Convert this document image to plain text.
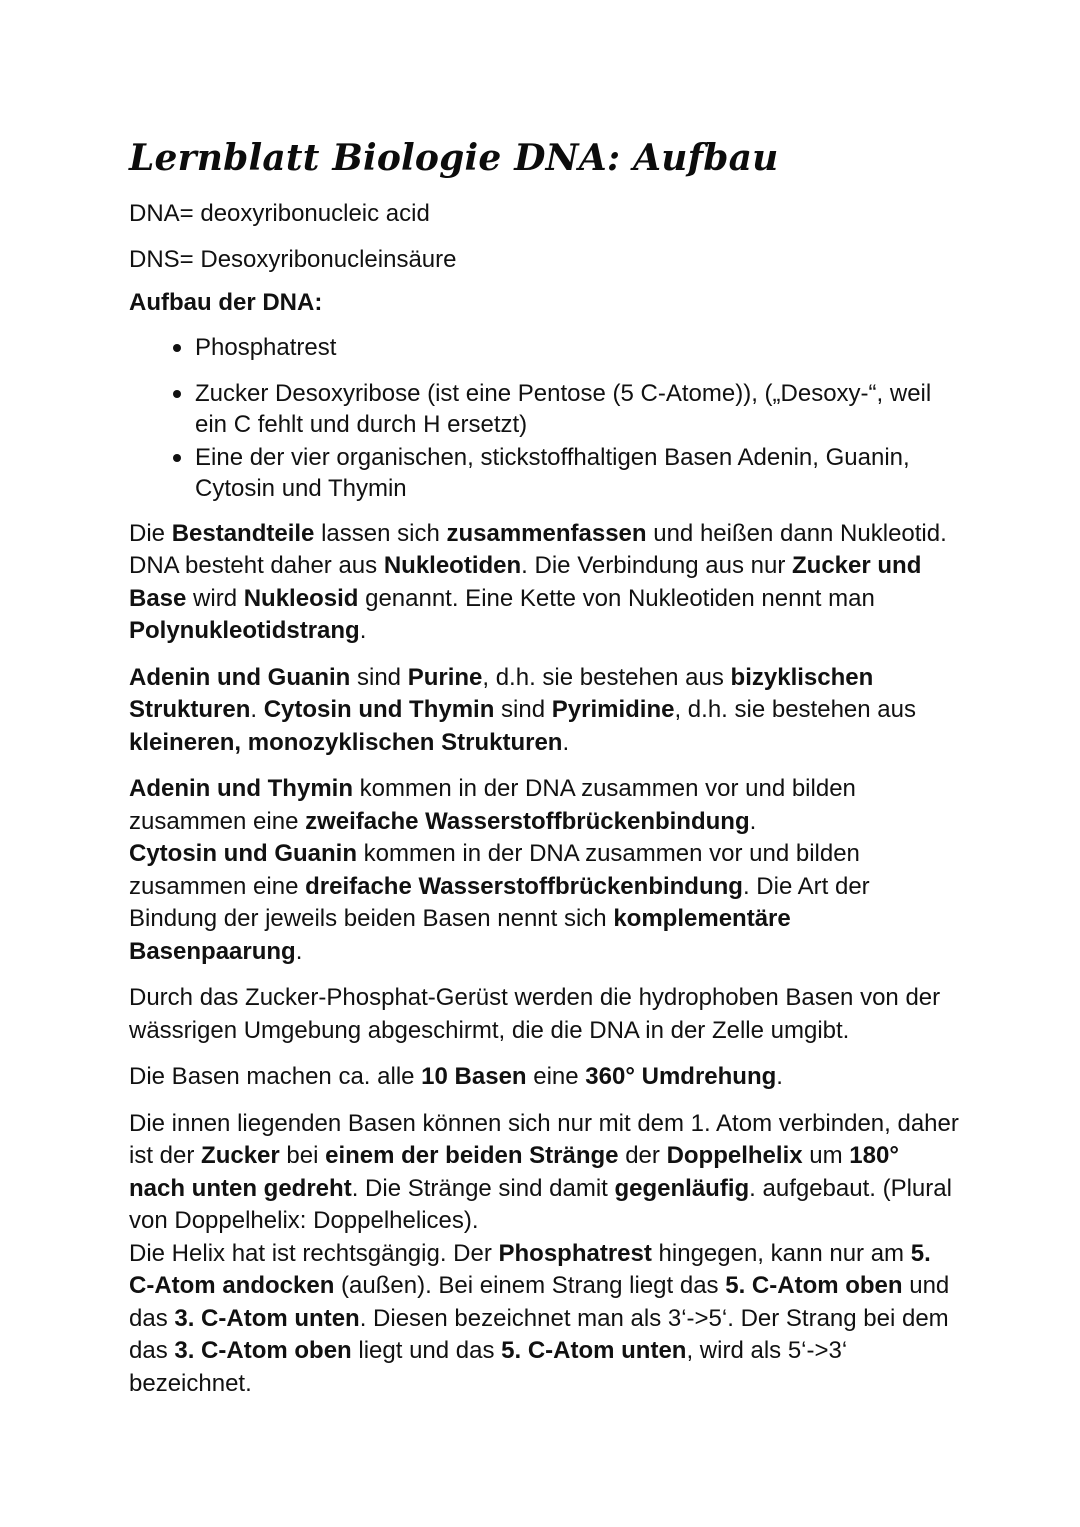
Lernblatt Biologie DNA: Aufbau

DNA= deoxyribonucleic acid

DNS= Desoxyribonucleinsäure

Aufbau der DNA:

Phosphatrest
Zucker Desoxyribose (ist eine Pentose (5 C-Atome)), („Desoxy-“, weil ein C fehlt und durch H ersetzt)
Eine der vier organischen, stickstoffhaltigen Basen Adenin, Guanin, Cytosin und Thymin

Die Bestandteile lassen sich zusammenfassen und heißen dann Nukleotid. DNA besteht daher aus Nukleotiden. Die Verbindung aus nur Zucker und Base wird Nukleosid genannt. Eine Kette von Nukleotiden nennt man Polynukleotidstrang.

Adenin und Guanin sind Purine, d.h. sie bestehen aus bizyklischen Strukturen. Cytosin und Thymin sind Pyrimidine, d.h. sie bestehen aus kleineren, monozyklischen Strukturen.

Adenin und Thymin kommen in der DNA zusammen vor und bilden zusammen eine zweifache Wasserstoffbrückenbindung.
Cytosin und Guanin kommen in der DNA zusammen vor und bilden zusammen eine dreifache Wasserstoffbrückenbindung. Die Art der Bindung der jeweils beiden Basen nennt sich komplementäre Basenpaarung.

Durch das Zucker-Phosphat-Gerüst werden die hydrophoben Basen von der wässrigen Umgebung abgeschirmt, die die DNA in der Zelle umgibt.

Die Basen machen ca. alle 10 Basen eine 360° Umdrehung.

Die innen liegenden Basen können sich nur mit dem 1. Atom verbinden, daher ist der Zucker bei einem der beiden Stränge der Doppelhelix um 180° nach unten gedreht. Die Stränge sind damit gegenläufig. aufgebaut. (Plural von Doppelhelix: Doppelhelices).
Die Helix hat ist rechtsgängig. Der Phosphatrest hingegen, kann nur am 5. C-Atom andocken (außen). Bei einem Strang liegt das 5. C-Atom oben und das 3. C-Atom unten. Diesen bezeichnet man als 3‘->5‘. Der Strang bei dem das 3. C-Atom oben liegt und das 5. C-Atom unten, wird als 5‘->3‘ bezeichnet.
